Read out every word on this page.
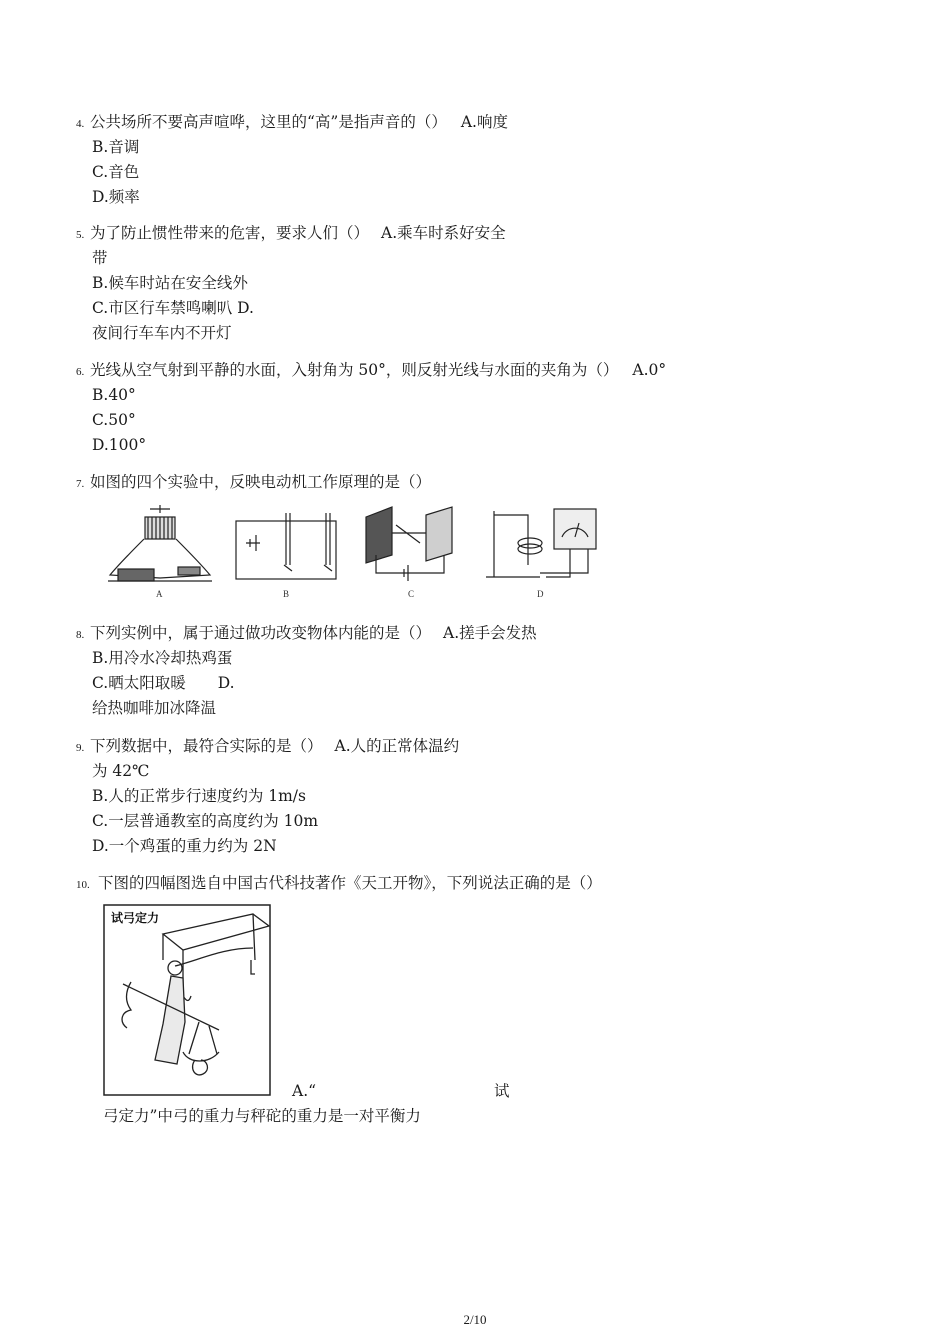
4. 公共场所不要高声喧哗，这里的“高”是指声音的（） A.响度
B.音调
C.音色
D.频率
5. 为了防止惯性带来的危害，要求人们（） A.乘车时系好安全
带
B.候车时站在安全线外
C.市区行车禁鸣喇叭 D.
夜间行车车内不开灯
6. 光线从空气射到平静的水面，入射角为 50°，则反射光线与水面的夹角为（） A.0°
B.40°
C.50°
D.100°
7. 如图的四个实验中，反映电动机工作原理的是（）
A	B	C	D
8. 下列实例中，属于通过做功改变物体内能的是（） A.搓手会发热
B.用冷水冷却热鸡蛋
C.晒太阳取暖 D.
给热咖啡加冰降温
9. 下列数据中，最符合实际的是（） A.人的正常体温约
为 42℃
B.人的正常步行速度约为 1m/s
C.一层普通教室的高度约为 10m
D.一个鸡蛋的重力约为 2N
10. 下图的四幅图选自中国古代科技著作《天工开物》，下列说法正确的是（）
试弓定力
A.“	试
弓定力”中弓的重力与秤砣的重力是一对平衡力
2/10
